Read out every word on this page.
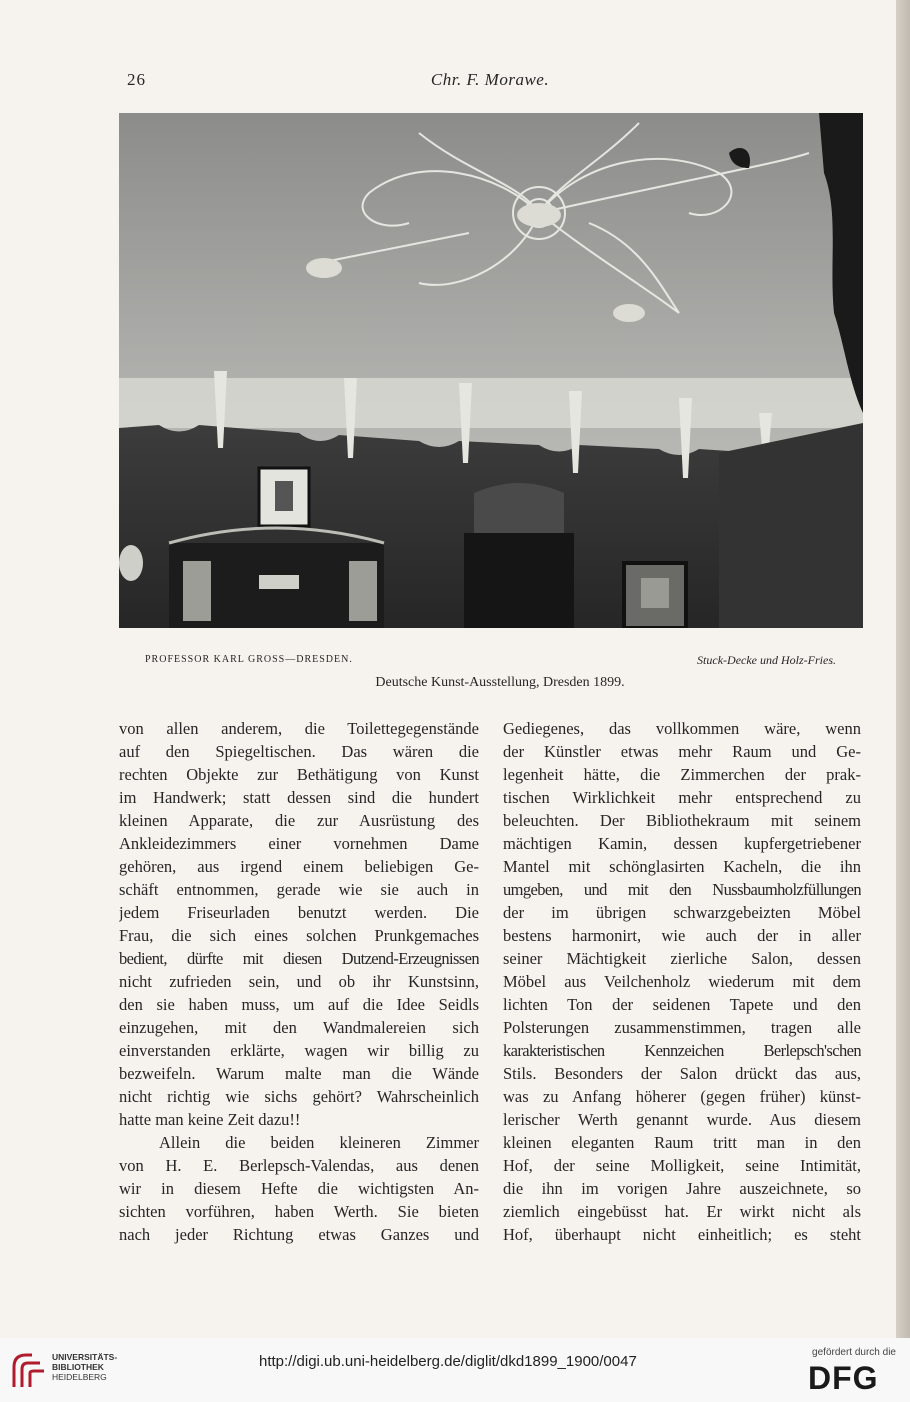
26	Chr. F. Morawe.
PROFESSOR KARL GROSS—DRESDEN.	Stuck-Decke und Holz-Fries.
Deutsche Kunst-Ausstellung, Dresden 1899.
von allen anderem, die Toilettegegenstände
auf den Spiegeltischen. Das wären die
rechten Objekte zur Bethätigung von Kunst
im Handwerk; statt dessen sind die hundert
kleinen Apparate, die zur Ausrüstung des
Ankleidezimmers einer vornehmen Dame
gehören, aus irgend einem beliebigen Ge-
schäft entnommen, gerade wie sie auch in
jedem Friseurladen benutzt werden. Die
Frau, die sich eines solchen Prunkgemaches
bedient, dürfte mit diesen Dutzend-Erzeugnissen
nicht zufrieden sein, und ob ihr Kunstsinn,
den sie haben muss, um auf die Idee Seidls
einzugehen, mit den Wandmalereien sich
einverstanden erklärte, wagen wir billig zu
bezweifeln. Warum malte man die Wände
nicht richtig wie sichs gehört? Wahrscheinlich
hatte man keine Zeit dazu!!
Allein die beiden kleineren Zimmer
von H. E. Berlepsch-Valendas, aus denen
wir in diesem Hefte die wichtigsten An-
sichten vorführen, haben Werth. Sie bieten
nach jeder Richtung etwas Ganzes und
Gediegenes, das vollkommen wäre, wenn
der Künstler etwas mehr Raum und Ge-
legenheit hätte, die Zimmerchen der prak-
tischen Wirklichkeit mehr entsprechend zu
beleuchten. Der Bibliothekraum mit seinem
mächtigen Kamin, dessen kupfergetriebener
Mantel mit schönglasirten Kacheln, die ihn
umgeben, und mit den Nussbaumholzfüllungen
der im übrigen schwarzgebeizten Möbel
bestens harmonirt, wie auch der in aller
seiner Mächtigkeit zierliche Salon, dessen
Möbel aus Veilchenholz wiederum mit dem
lichten Ton der seidenen Tapete und den
Polsterungen zusammenstimmen, tragen alle
karakteristischen Kennzeichen Berlepsch'schen
Stils. Besonders der Salon drückt das aus,
was zu Anfang höherer (gegen früher) künst-
lerischer Werth genannt wurde. Aus diesem
kleinen eleganten Raum tritt man in den
Hof, der seine Molligkeit, seine Intimität,
die ihn im vorigen Jahre auszeichnete, so
ziemlich eingebüsst hat. Er wirkt nicht als
Hof, überhaupt nicht einheitlich; es steht
UNIVERSITÄTS-
BIBLIOTHEK
HEIDELBERG
http://digi.ub.uni-heidelberg.de/diglit/dkd1899_1900/0047
gefördert durch die
DFG
